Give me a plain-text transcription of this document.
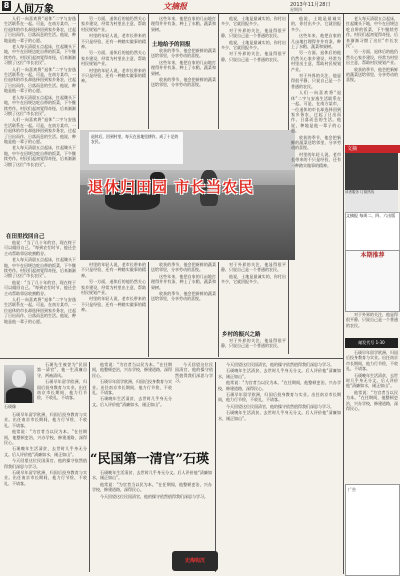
8 人间万象	文摘报	2013年11月28日
星期四

人们一向喜欢将“退休”二字与安逸生活联系在一起。可是，在南方某市，一位退休的市长却选择回到家乡务农，过起了日出而作、日落而息的生活。他说，种地是他一辈子的心愿。

老人每天清晨五点起床，扛起锄头下地，中午在田埂边吃自带的饭菜，下午继续劳作。村民们起初觉得奇怪，后来渐渐习惯了这位“市长农民”。

人们一向喜欢将“退休”二字与安逸生活联系在一起。可是，在南方某市，一位退休的市长却选择回到家乡务农，过起了日出而作、日落而息的生活。他说，种地是他一辈子的心愿。

老人每天清晨五点起床，扛起锄头下地，中午在田埂边吃自带的饭菜，下午继续劳作。村民们起初觉得奇怪，后来渐渐习惯了这位“市长农民”。

人们一向喜欢将“退休”二字与安逸生活联系在一起。可是，在南方某市，一位退休的市长却选择回到家乡务农，过起了日出而作、日落而息的生活。他说，种地是他一辈子的心愿。

老人每天清晨五点起床，扛起锄头下地，中午在田埂边吃自带的饭菜，下午继续劳作。村民们起初觉得奇怪，后来渐渐习惯了这位“市长农民”。

在田里找回自己

他说：“当了几十年的官，现在终于可以做回自己。”每到农忙时节，他还会主动帮助邻居收割稻谷。

老人每天清晨五点起床，扛起锄头下地，中午在田埂边吃自带的饭菜，下午继续劳作。村民们起初觉得奇怪，后来渐渐习惯了这位“市长农民”。

他说：“当了几十年的官，现在终于可以做回自己。”每到农忙时节，他还会主动帮助邻居收割稻谷。

人们一向喜欢将“退休”二字与安逸生活联系在一起。可是，在南方某市，一位退休的市长却选择回到家乡务农，过起了日出而作、日落而息的生活。他说，种地是他一辈子的心愿。

另一方面，退休后的他仍然关心家乡建设，经常为村里出主意，帮助村民规划产业。

村里的年轻人说，老市长带来的不只是经验，还有一种踏实做事的精神。

另一方面，退休后的他仍然关心家乡建设，经常为村里出主意，帮助村民规划产业。

村里的年轻人说，老市长带来的不只是经验，还有一种踏实做事的精神。

土地给予的回报

这些年来，他把自家的几亩地打理得井井有条，种上了水稻、蔬菜和果树。

收获的季节，他会把新鲜的蔬菜送给邻里，分享劳动的喜悦。

这些年来，他把自家的几亩地打理得井井有条，种上了水稻、蔬菜和果树。

收获的季节，他会把新鲜的蔬菜送给邻里，分享劳动的喜悦。

他说，土地是最诚实的，你付出多少，它就回报多少。

对于外界的关注，他显得很平静，只说自己是一个普通的农民。

他说，土地是最诚实的，你付出多少，它就回报多少。

对于外界的关注，他显得很平静，只说自己是一个普通的农民。

退休后，回到村里，每天在田地里耕作，成了十足的农民。
退休归田园 市长当农民

村里的年轻人说，老市长带来的不只是经验，还有一种踏实做事的精神。

另一方面，退休后的他仍然关心家乡建设，经常为村里出主意，帮助村民规划产业。

村里的年轻人说，老市长带来的不只是经验，还有一种踏实做事的精神。

收获的季节，他会把新鲜的蔬菜送给邻里，分享劳动的喜悦。

这些年来，他把自家的几亩地打理得井井有条，种上了水稻、蔬菜和果树。

收获的季节，他会把新鲜的蔬菜送给邻里，分享劳动的喜悦。

乡村的振兴之路

对于外界的关注，他显得很平静，只说自己是一个普通的农民。

他说，土地是最诚实的，你付出多少，它就回报多少。

对于外界的关注，他显得很平静，只说自己是一个普通的农民。

他说，土地是最诚实的，你付出多少，它就回报多少。

这些年来，他把自家的几亩地打理得井井有条，种上了水稻、蔬菜和果树。

另一方面，退休后的他仍然关心家乡建设，经常为村里出主意，帮助村民规划产业。

对于外界的关注，他显得很平静，只说自己是一个普通的农民。

人们一向喜欢将“退休”二字与安逸生活联系在一起。可是，在南方某市，一位退休的市长却选择回到家乡务农，过起了日出而作、日落而息的生活。他说，种地是他一辈子的心愿。

收获的季节，他会把新鲜的蔬菜送给邻里，分享劳动的喜悦。

村里的年轻人说，老市长带来的不只是经验，还有一种踏实做事的精神。

石瑛像

石瑛先生被誉为“民国第一清官”，他一生清廉自守，两袖清风。

石瑛早年留学欧洲，归国后投身教育与实业。出任南京市长期间，他力行节俭，不收礼、不请客。

石瑛早年留学欧洲，归国后投身教育与实业。出任南京市长期间，他力行节俭，不收礼、不请客。

他常说：“为官者当以民为本。”在任期间，他整顿吏治，兴办学校，修建道路，深得民心。

石瑛晚年生活清贫，去世时几乎身无分文。后人评价他“清廉如水，刚正如山”。

今天回望这位民国清官，他的操守依然值得我们深思与学习。

石瑛早年留学欧洲，归国后投身教育与实业。出任南京市长期间，他力行节俭，不收礼、不请客。

他常说：“为官者当以民为本。”在任期间，他整顿吏治，兴办学校，修建道路，深得民心。

石瑛早年留学欧洲，归国后投身教育与实业。出任南京市长期间，他力行节俭，不收礼、不请客。

石瑛晚年生活清贫，去世时几乎身无分文。后人评价他“清廉如水，刚正如山”。

“民国第一清官”石瑛

石瑛晚年生活清贫，去世时几乎身无分文。后人评价他“清廉如水，刚正如山”。

他常说：“为官者当以民为本。”在任期间，他整顿吏治，兴办学校，修建道路，深得民心。

今天回望这位民国清官，他的操守依然值得我们深思与学习。

今天回望这位民国清官，他的操守依然值得我们深思与学习。

今天回望这位民国清官，他的操守依然值得我们深思与学习。

石瑛晚年生活清贫，去世时几乎身无分文。后人评价他“清廉如水，刚正如山”。

他常说：“为官者当以民为本。”在任期间，他整顿吏治，兴办学校，修建道路，深得民心。

石瑛早年留学欧洲，归国后投身教育与实业。出任南京市长期间，他力行节俭，不收礼、不请客。

今天回望这位民国清官，他的操守依然值得我们深思与学习。

石瑛晚年生活清贫，去世时几乎身无分文。后人评价他“清廉如水，刚正如山”。

史海钩沉

老人每天清晨五点起床，扛起锄头下地，中午在田埂边吃自带的饭菜，下午继续劳作。村民们起初觉得奇怪，后来渐渐习惯了这位“市长农民”。

另一方面，退休后的他仍然关心家乡建设，经常为村里出主意，帮助村民规划产业。

收获的季节，他会把新鲜的蔬菜送给邻里，分享劳动的喜悦。

文摘
读者服务 订阅热线
文摘报 每周二、四、六出版
本期推荐

对于外界的关注，他显得很平静，只说自己是一个普通的农民。

邮发代号 1-30

石瑛早年留学欧洲，归国后投身教育与实业。出任南京市长期间，他力行节俭，不收礼、不请客。

石瑛晚年生活清贫，去世时几乎身无分文。后人评价他“清廉如水，刚正如山”。

他常说：“为官者当以民为本。”在任期间，他整顿吏治，兴办学校，修建道路，深得民心。

广告
